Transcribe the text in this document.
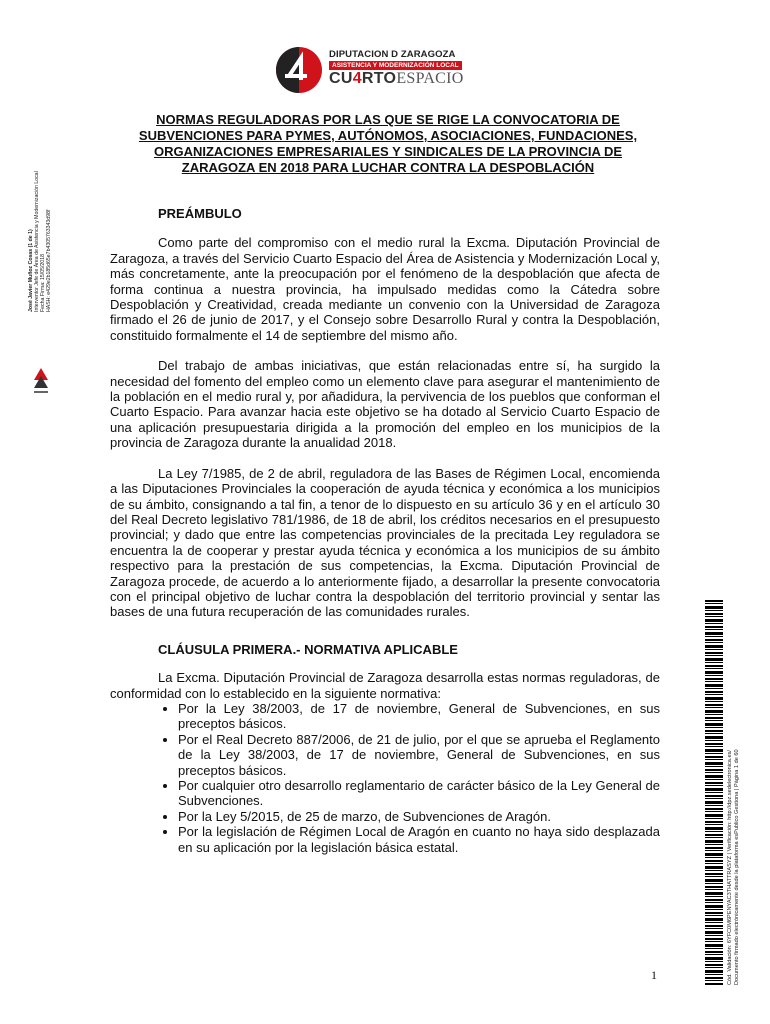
DIPUTACION D ZARAGOZA
ASISTENCIA Y MODERNIZACIÓN LOCAL
CU4RTOESPACIO
José Javier Muñoz Cosas (1 de 1) Interventor Jefe de Área de Asistencia y Modernización Local Fecha Firma: 15/05/2018 HASH: e429e2b185d65e7b4305763343d98f
Cód. Validación: 6YFC0M6PENYAC3THATTRASYZ | Verificación: http://dpz.sedelectronica.es/ Documento firmado electrónicamente desde la plataforma esPublico Gestiona | Página 1 de 60
NORMAS REGULADORAS POR LAS QUE SE RIGE LA CONVOCATORIA DE
SUBVENCIONES PARA PYMES, AUTÓNOMOS, ASOCIACIONES, FUNDACIONES,
ORGANIZACIONES EMPRESARIALES Y SINDICALES DE LA PROVINCIA DE
ZARAGOZA EN 2018 PARA LUCHAR CONTRA LA DESPOBLACIÓN

PREÁMBULO

Como parte del compromiso con el medio rural la Excma. Diputación Provincial de Zaragoza, a través del Servicio Cuarto Espacio del Área de Asistencia y Modernización Local y, más concretamente, ante la preocupación por el fenómeno de la despoblación que afecta de forma continua a nuestra provincia, ha impulsado medidas como la Cátedra sobre Despoblación y Creatividad, creada mediante un convenio con la Universidad de Zaragoza firmado el 26 de junio de 2017, y el Consejo sobre Desarrollo Rural y contra la Despoblación, constituido formalmente el 14 de septiembre del mismo año.

Del trabajo de ambas iniciativas, que están relacionadas entre sí, ha surgido la necesidad del fomento del empleo como un elemento clave para asegurar el mantenimiento de la población en el medio rural y, por añadidura, la pervivencia de los pueblos que conforman el Cuarto Espacio. Para avanzar hacia este objetivo se ha dotado al Servicio Cuarto Espacio de una aplicación presupuestaria dirigida a la promoción del empleo en los municipios de la provincia de Zaragoza durante la anualidad 2018.

La Ley 7/1985, de 2 de abril, reguladora de las Bases de Régimen Local, encomienda a las Diputaciones Provinciales la cooperación de ayuda técnica y económica a los municipios de su ámbito, consignando a tal fin, a tenor de lo dispuesto en su artículo 36 y en el artículo 30 del Real Decreto legislativo 781/1986, de 18 de abril, los créditos necesarios en el presupuesto provincial; y dado que entre las competencias provinciales de la precitada Ley reguladora se encuentra la de cooperar y prestar ayuda técnica y económica a los municipios de su ámbito respectivo para la prestación de sus competencias, la Excma. Diputación Provincial de Zaragoza procede, de acuerdo a lo anteriormente fijado, a desarrollar la presente convocatoria con el principal objetivo de luchar contra la despoblación del territorio provincial y sentar las bases de una futura recuperación de las comunidades rurales.

CLÁUSULA PRIMERA.- NORMATIVA APLICABLE

La Excma. Diputación Provincial de Zaragoza desarrolla estas normas reguladoras, de conformidad con lo establecido en la siguiente normativa:

• Por la Ley 38/2003, de 17 de noviembre, General de Subvenciones, en sus preceptos básicos.
• Por el Real Decreto 887/2006, de 21 de julio, por el que se aprueba el Reglamento de la Ley 38/2003, de 17 de noviembre, General de Subvenciones, en sus preceptos básicos.
• Por cualquier otro desarrollo reglamentario de carácter básico de la Ley General de Subvenciones.
• Por la Ley 5/2015, de 25 de marzo, de Subvenciones de Aragón.
• Por la legislación de Régimen Local de Aragón en cuanto no haya sido desplazada en su aplicación por la legislación básica estatal.
1
